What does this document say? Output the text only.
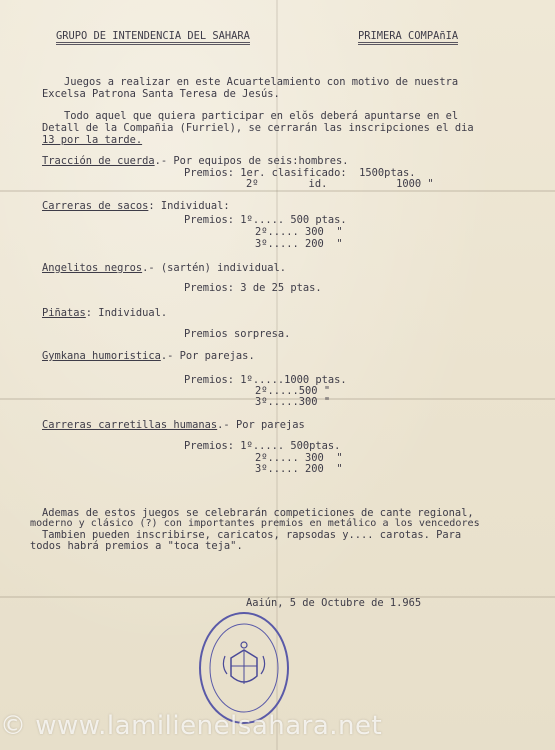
GRUPO DE INTENDENCIA DEL SAHARA	PRIMERA COMPAñIA
Juegos a realizar en este Acuartelamiento con motivo de nuestra
Excelsa Patrona Santa Teresa de Jesús.
Todo aquel que quiera participar en elŏs deberá apuntarse en el
Detall de la Compañia (Furriel), se cerrarán las inscripciones el dia
13 por la tarde.
Tracción de cuerda.- Por equipos de seis:hombres.
Premios: 1er. clasificado:  1500ptas.
2º        id.           1000 "
Carreras de sacos: Individual:
Premios: 1º..... 500 ptas.
2º..... 300  "
3º..... 200  "
Angelitos negros.- (sartén) individual.
Premios: 3 de 25 ptas.
Piñatas: Individual.
Premios sorpresa.
Gymkana humoristica.- Por parejas.
Premios: 1º.....1000 ptas.
2º.....500 "
3º.....300 "
Carreras carretillas humanas.- Por parejas
Premios: 1º..... 500ptas.
2º..... 300  "
3º..... 200  "
Ademas de estos juegos se celebrarán competiciones de cante regional,
moderno y clásico (?) con importantes premios en metálico a los vencedores
Tambien pueden inscribirse, caricatos, rapsodas y.... carotas. Para
todos habrá premios a "toca teja".
Aaiún, 5 de Octubre de 1.965
© www.lamilienelsahara.net
